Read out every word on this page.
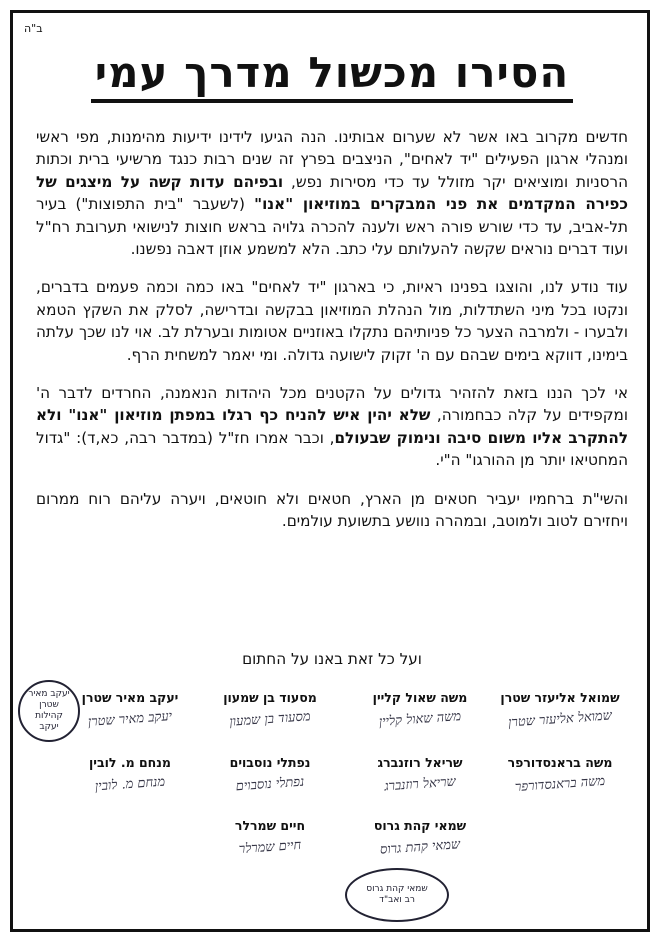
ב"ה
הסירו מכשול מדרך עמי

חדשים מקרוב באו אשר לא שערום אבותינו. הנה הגיעו לידינו ידיעות מהימנות, מפי ראשי ומנהלי ארגון הפעילים "יד לאחים", הניצבים בפרץ זה שנים רבות כנגד מרשיעי ברית וכתות הרסניות ומוציאים יקר מזולל עד כדי מסירות נפש, ובפיהם עדות קשה על מיצגים של כפירה המקדמים את פני המבקרים במוזיאון "אנו" (לשעבר "בית התפוצות") בעיר תל-אביב, עד כדי שורש פורה ראש ולענה להכרה גלויה בראש חוצות לנישואי תערובת רח"ל ועוד דברים נוראים שקשה להעלותם עלי כתב. הלא למשמע אוזן דאבה נפשנו.

עוד נודע לנו, והוצגו בפנינו ראיות, כי בארגון "יד לאחים" באו כמה וכמה פעמים בדברים, ונקטו בכל מיני השתדלות, מול הנהלת המוזיאון בבקשה ובדרישה, לסלק את השקץ הטמא ולבערו - ולמרבה הצער כל פניותיהם נתקלו באוזניים אטומות ובערלת לב. אוי לנו שכך עלתה בימינו, דווקא בימים שבהם עם ה' זקוק לישועה גדולה. ומי יאמר למשחית הרף.

אי לכך הננו בזאת להזהיר גדולים על הקטנים מכל היהדות הנאמנה, החרדים לדבר ה' ומקפידים על קלה כבחמורה, שלא יהין איש להניח כף רגלו במפתן מוזיאון "אנו" ולא להתקרב אליו משום סיבה ונימוק שבעולם, וכבר אמרו חז"ל (במדבר רבה, כא,ד): "גדול המחטיאו יותר מן ההורגו" ה"י.

והשי"ת ברחמיו יעביר חטאים מן הארץ, חטאים ולא חוטאים, ויערה עליהם רוח ממרום ויחזירם לטוב ולמוטב, ובמהרה נוושע בתשועת עולמים.

ועל כל זאת באנו על החתום
שמואל אליעזר שטרן
שמואל אליעזר שטרן
משה שאול קליין
משה שאול קליין
מסעוד בן שמעון
מסעוד בן שמעון
יעקב מאיר שטרן
יעקב מאיר שטרן
משה בראנסדורפר
משה בראנסדורפר
שריאל רוזנברג
שריאל רוזנברג
נפתלי נוסבוים
נפתלי נוסבוים
מנחם מ. לובין
מנחם מ. לובין
שמאי קהת גרוס
שמאי קהת גרוס
חיים שמרלר
חיים שמרלר
יעקב מאיר שטרן
קהילות
יעקב
שמאי קהת גרוס
רב ואב"ד
